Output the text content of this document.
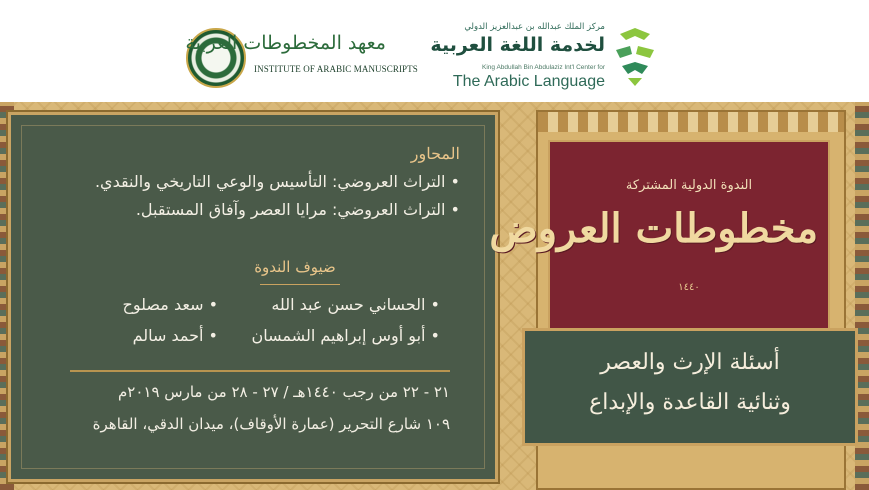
معهد المخطوطات العربية
INSTITUTE OF ARABIC MANUSCRIPTS
مركز الملك عبدالله بن عبدالعزيز الدولي
لخدمة اللغة العربية
King Abdullah Bin Abdulaziz Int'l Center for
The Arabic Language
المحاور
• التراث العروضي: التأسيس والوعي التاريخي والنقدي.
• التراث العروضي: مرايا العصر وآفاق المستقبل.
ضيوف الندوة
• الحساني حسن عبد الله
• سعد مصلوح
• أبو أوس إبراهيم الشمسان
• أحمد سالم
٢١ - ٢٢ من رجب ١٤٤٠هـ / ٢٧ - ٢٨ من مارس ٢٠١٩م
١٠٩ شارع التحرير (عمارة الأوقاف)، ميدان الدقي، القاهرة
الندوة الدولية المشتركة
مخطوطات العروض
١٤٤٠
أسئلة الإرث والعصر
وثنائية القاعدة والإبداع
